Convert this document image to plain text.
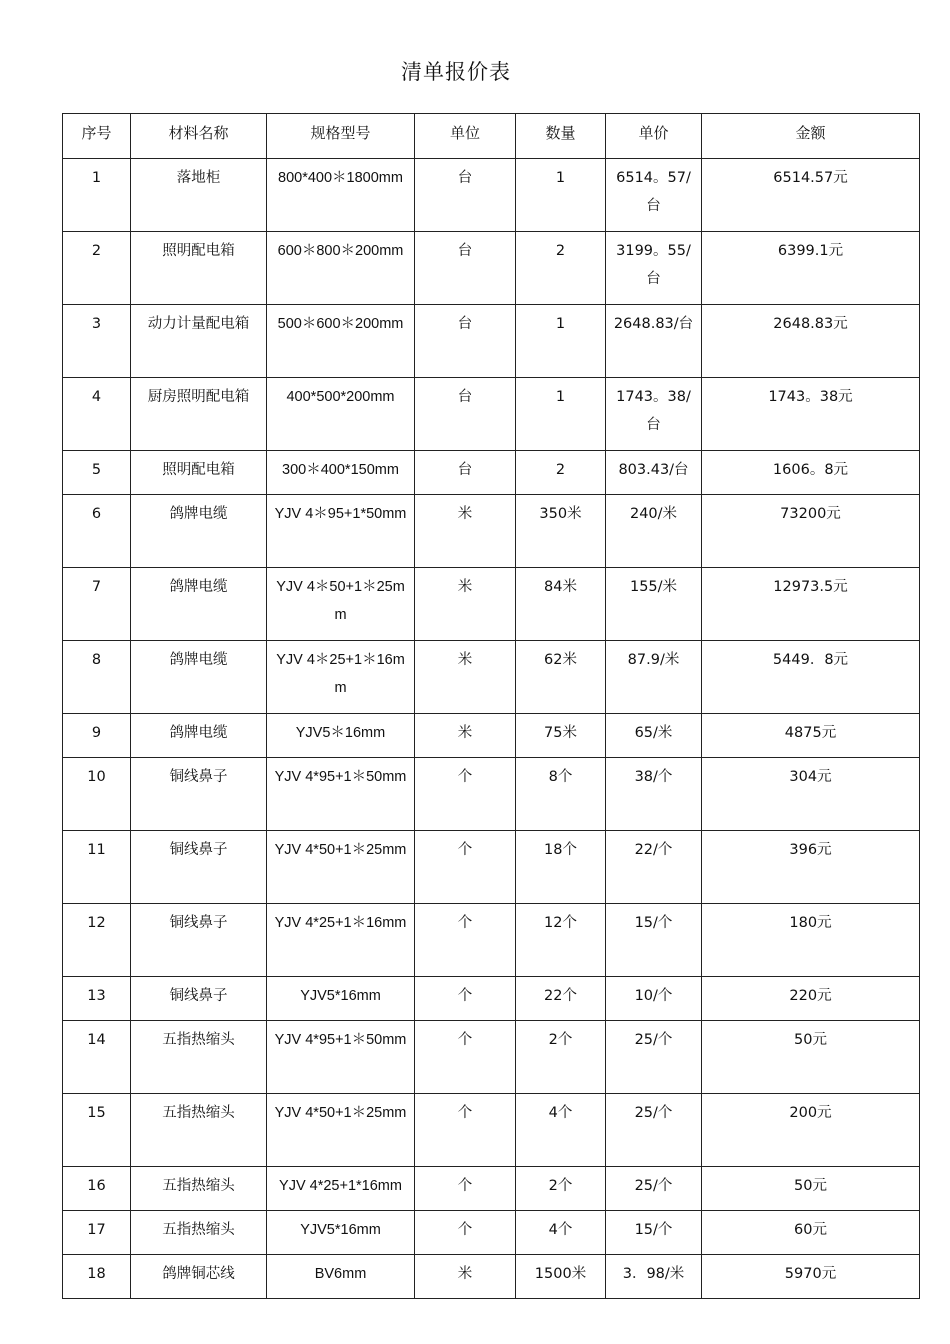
清单报价表
序号	材料名称	规格型号	单位	数量	单价	金额
1	落地柜	800*400＊1800mm	台	1	6514。57/台	6514.57元
2	照明配电箱	600＊800＊200mm	台	2	3199。55/台	6399.1元
3	动力计量配电箱	500＊600＊200mm	台	1	2648.83/台	2648.83元
4	厨房照明配电箱	400*500*200mm	台	1	1743。38/台	1743。38元
5	照明配电箱	300＊400*150mm	台	2	803.43/台	1606。8元
6	鸽牌电缆	YJV 4＊95+1*50mm	米	350米	240/米	73200元
7	鸽牌电缆	YJV 4＊50+1＊25mm	米	84米	155/米	12973.5元
8	鸽牌电缆	YJV 4＊25+1＊16mm	米	62米	87.9/米	5449．8元
9	鸽牌电缆	YJV5＊16mm	米	75米	65/米	4875元
10	铜线鼻子	YJV 4*95+1＊50mm	个	8个	38/个	304元
11	铜线鼻子	YJV 4*50+1＊25mm	个	18个	22/个	396元
12	铜线鼻子	YJV 4*25+1＊16mm	个	12个	15/个	180元
13	铜线鼻子	YJV5*16mm	个	22个	10/个	220元
14	五指热缩头	YJV 4*95+1＊50mm	个	2个	25/个	50元
15	五指热缩头	YJV 4*50+1＊25mm	个	4个	25/个	200元
16	五指热缩头	YJV 4*25+1*16mm	个	2个	25/个	50元
17	五指热缩头	YJV5*16mm	个	4个	15/个	60元
18	鸽牌铜芯线	BV6mm	米	1500米	3．98/米	5970元
